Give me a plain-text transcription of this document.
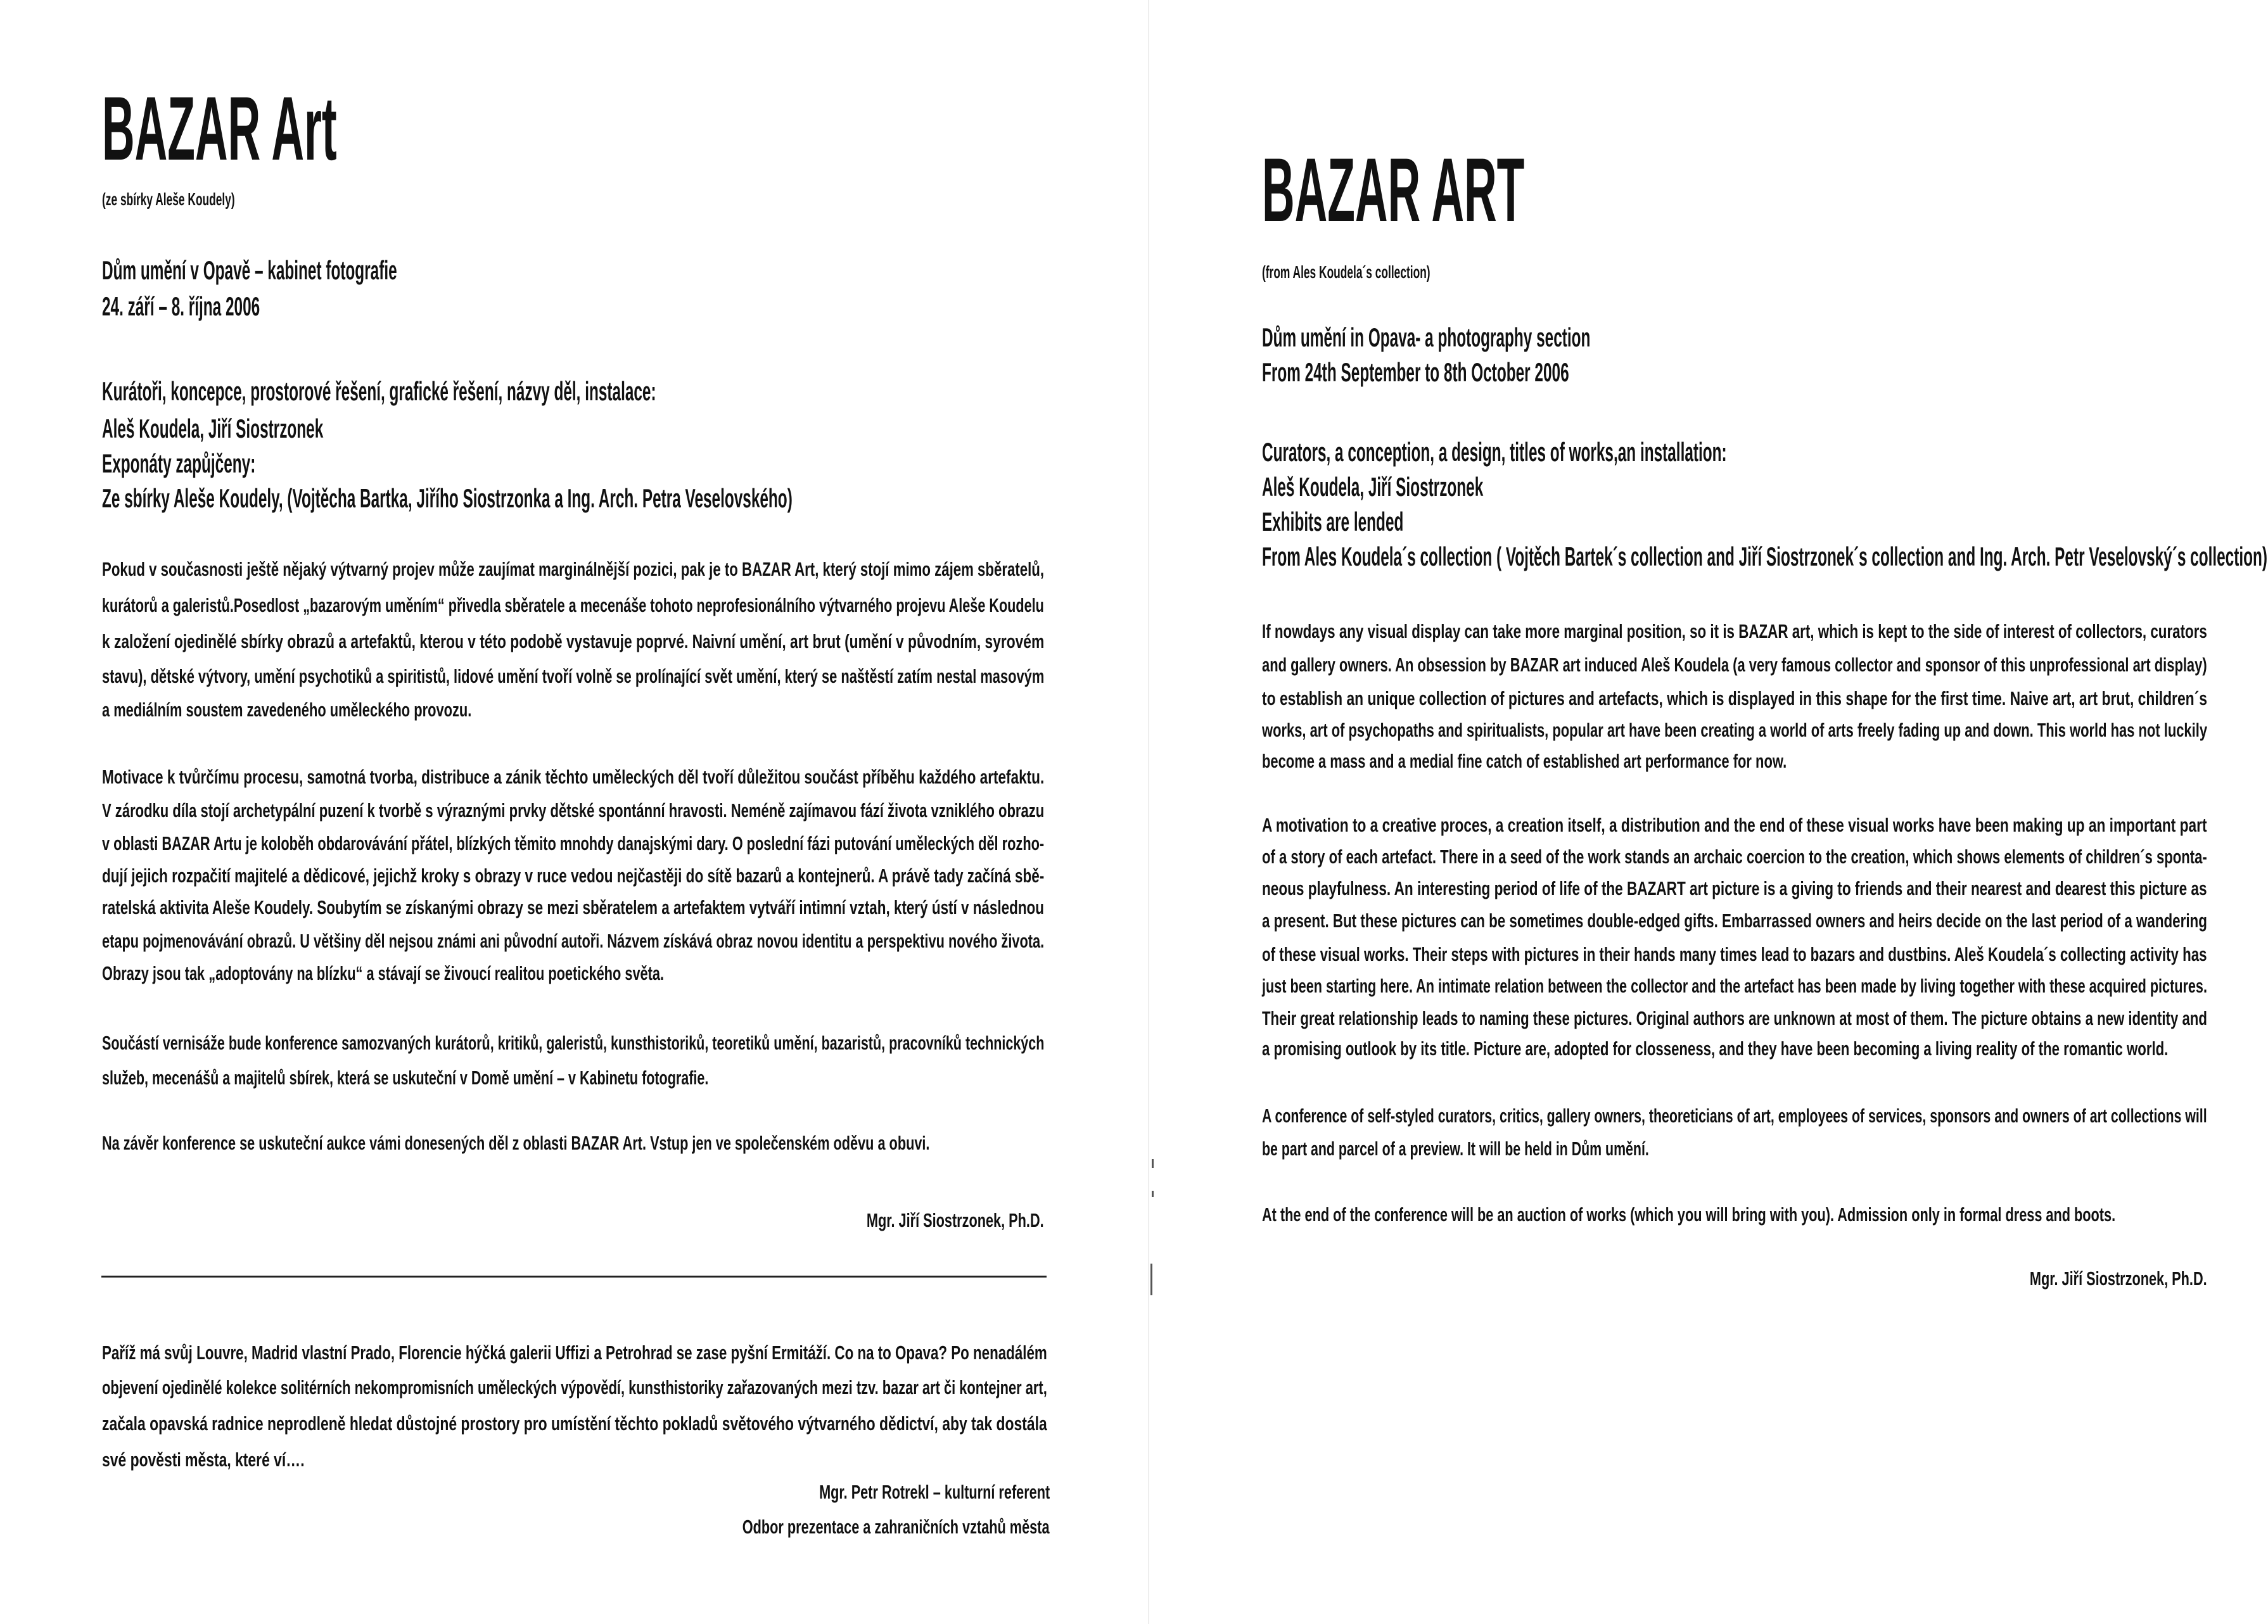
BAZAR Art
(ze sbírky Aleše Koudely)
Dům umění v Opavě – kabinet fotografie
24. září – 8. října 2006
Kurátoři, koncepce, prostorové řešení, grafické řešení, názvy děl, instalace:
Aleš Koudela, Jiří Siostrzonek
Exponáty zapůjčeny:
Ze sbírky Aleše Koudely, (Vojtěcha Bartka, Jiřího Siostrzonka a Ing. Arch. Petra Veselovského)
Pokud v současnosti ještě nějaký výtvarný projev může zaujímat marginálnější pozici, pak je to BAZAR Art, který stojí mimo zájem sběratelů,
kurátorů a galeristů.Posedlost „bazarovým uměním“ přivedla sběratele a mecenáše tohoto neprofesionálního výtvarného projevu Aleše Koudelu
k založení ojedinělé sbírky obrazů a artefaktů, kterou v této podobě vystavuje poprvé. Naivní umění, art brut (umění v původním, syrovém
stavu), dětské výtvory, umění psychotiků a spiritistů, lidové umění tvoří volně se prolínající svět umění, který se naštěstí zatím nestal masovým
a mediálním soustem zavedeného uměleckého provozu.
Motivace k tvůrčímu procesu, samotná tvorba, distribuce a zánik těchto uměleckých děl tvoří důležitou součást příběhu každého artefaktu.
V zárodku díla stojí archetypální puzení k tvorbě s výraznými prvky dětské spontánní hravosti. Neméně zajímavou fází života vzniklého obrazu
v oblasti BAZAR Artu je koloběh obdarovávání přátel, blízkých těmito mnohdy danajskými dary. O poslední fázi putování uměleckých děl rozho-
dují jejich rozpačití majitelé a dědicové, jejichž kroky s obrazy v ruce vedou nejčastěji do sítě bazarů a kontejnerů. A právě tady začíná sbě-
ratelská aktivita Aleše Koudely. Soubytím se získanými obrazy se mezi sběratelem a artefaktem vytváří intimní vztah, který ústí v následnou
etapu pojmenovávání obrazů. U většiny děl nejsou známi ani původní autoři. Názvem získává obraz novou identitu a perspektivu nového života.
Obrazy jsou tak „adoptovány na blízku“ a stávají se živoucí realitou poetického světa.
Součástí vernisáže bude konference samozvaných kurátorů, kritiků, galeristů, kunsthistoriků, teoretiků umění, bazaristů, pracovníků technických
služeb, mecenášů a majitelů sbírek, která se uskuteční v Domě umění – v Kabinetu fotografie.
Na závěr konference se uskuteční aukce vámi donesených děl z oblasti BAZAR Art. Vstup jen ve společenském oděvu a obuvi.
Mgr. Jiří Siostrzonek, Ph.D.
Paříž má svůj Louvre, Madrid vlastní Prado, Florencie hýčká galerii Uffizi a Petrohrad se zase pyšní Ermitáží. Co na to Opava? Po nenadálém
objevení ojedinělé kolekce solitérních nekompromisních uměleckých výpovědí, kunsthistoriky zařazovaných mezi tzv. bazar art či kontejner art,
začala opavská radnice neprodleně hledat důstojné prostory pro umístění těchto pokladů světového výtvarného dědictví, aby tak dostála
své pověsti města, které ví….
Mgr. Petr Rotrekl – kulturní referent
Odbor prezentace a zahraničních vztahů města
BAZAR ART
(from Ales Koudela´s collection)
Dům umění in Opava- a photography section
From 24th September to 8th October 2006
Curators, a conception, a design, titles of works,an installation:
Aleš Koudela, Jiří Siostrzonek
Exhibits are lended
From Ales Koudela´s collection ( Vojtěch Bartek´s collection and Jiří Siostrzonek´s collection and Ing. Arch. Petr Veselovský´s collection)
If nowdays any visual display can take more marginal position, so it is BAZAR art, which is kept to the side of interest of collectors, curators
and gallery owners. An obsession by BAZAR art induced Aleš Koudela (a very famous collector and sponsor of this unprofessional art display)
to establish an unique collection of pictures and artefacts, which is displayed in this shape for the first time. Naive art, art brut, children´s
works, art of psychopaths and spiritualists, popular art have been creating a world of arts freely fading up and down. This world has not luckily
become a mass and a medial fine catch of established art performance for now.
A motivation to a creative proces, a creation itself, a distribution and the end of these visual works have been making up an important part
of a story of each artefact. There in a seed of the work stands an archaic coercion to the creation, which shows elements of children´s sponta-
neous playfulness. An interesting period of life of the BAZART art picture is a giving to friends and their nearest and dearest this picture as
a present. But these pictures can be sometimes double-edged gifts. Embarrassed owners and heirs decide on the last period of a wandering
of these visual works. Their steps with pictures in their hands many times lead to bazars and dustbins. Aleš Koudela´s collecting activity has
just been starting here. An intimate relation between the collector and the artefact has been made by living together with these acquired pictures.
Their great relationship leads to naming these pictures. Original authors are unknown at most of them. The picture obtains a new identity and
a promising outlook by its title. Picture are, adopted for closseness, and they have been becoming a living reality of the romantic world.
A conference of self-styled curators, critics, gallery owners, theoreticians of art, employees of services, sponsors and owners of art collections will
be part and parcel of a preview. It will be held in Dům umění.
At the end of the conference will be an auction of works (which you will bring with you). Admission only in formal dress and boots.
Mgr. Jiří Siostrzonek, Ph.D.
